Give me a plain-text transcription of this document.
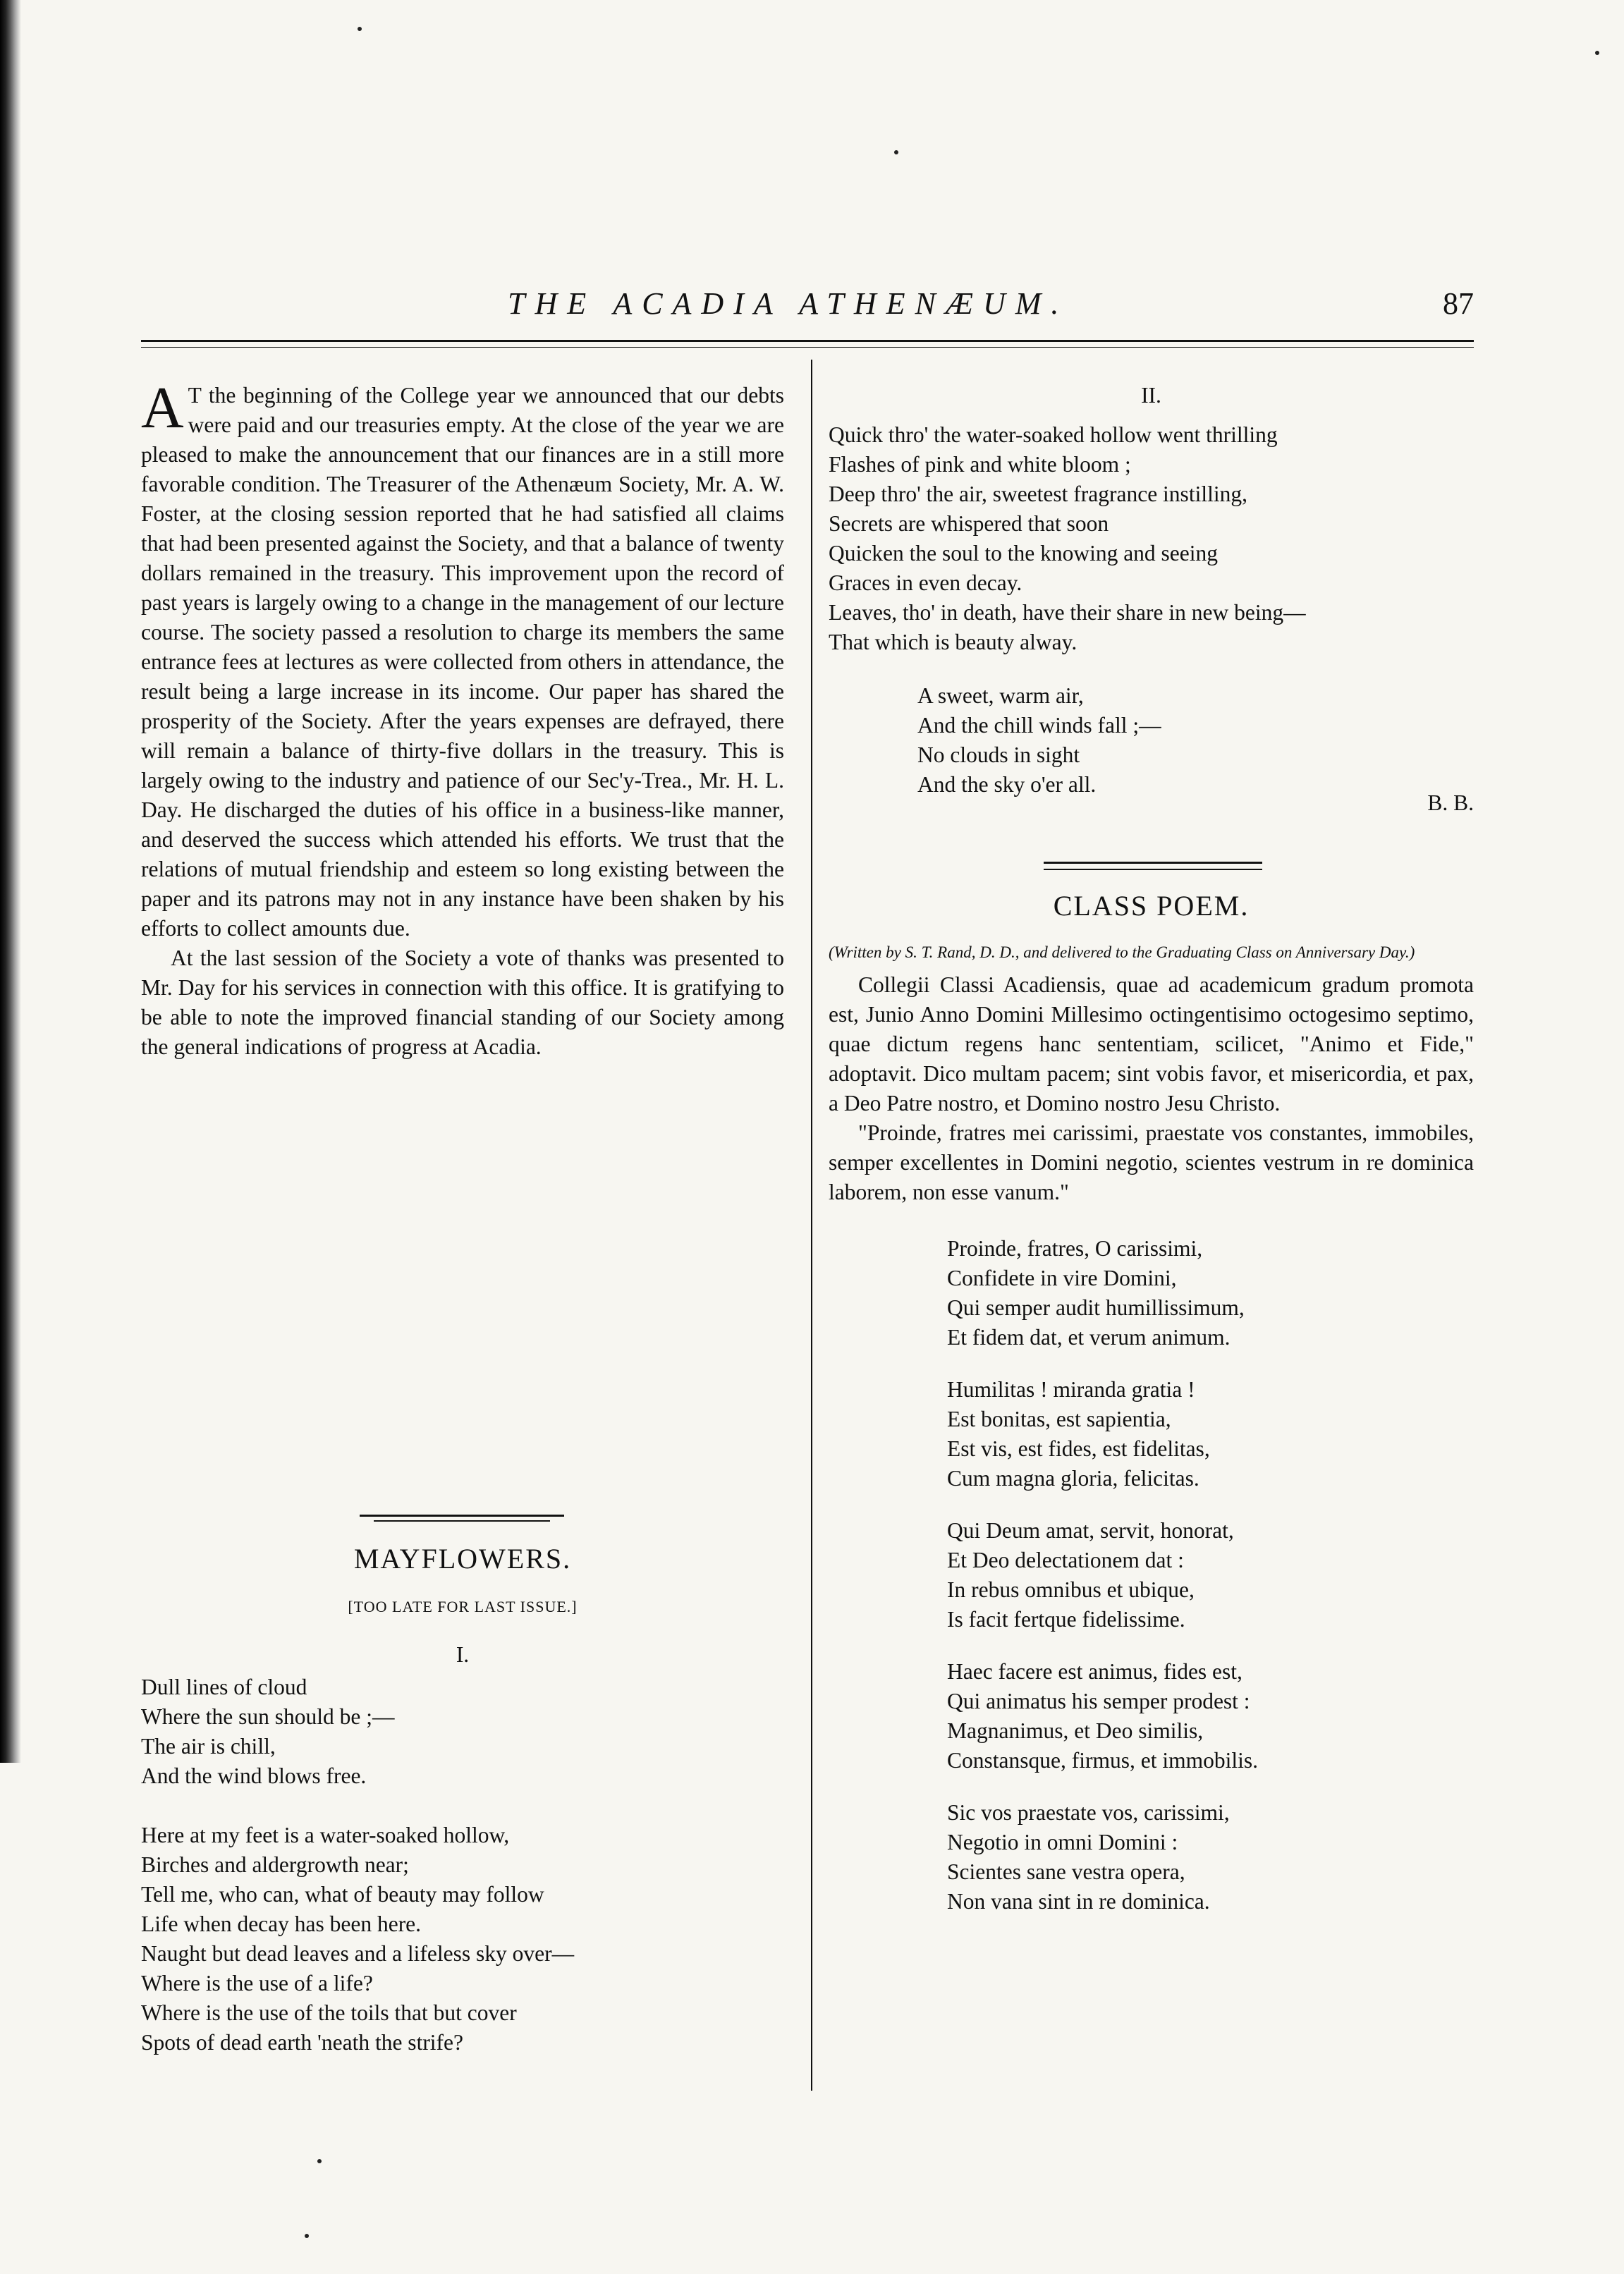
THE ACADIA ATHENÆUM.	87

A T the beginning of the College year we announced that our debts were paid and our treasuries empty. At the close of the year we are pleased to make the announcement that our finances are in a still more favorable condition. The Treasurer of the Athenæum Society, Mr. A. W. Foster, at the closing session reported that he had satisfied all claims that had been presented against the Society, and that a balance of twenty dollars remained in the treasury. This improvement upon the record of past years is largely owing to a change in the management of our lecture course. The society passed a resolution to charge its members the same entrance fees at lectures as were collected from others in attendance, the result being a large increase in its income. Our paper has shared the prosperity of the Society. After the years expenses are defrayed, there will remain a balance of thirty-five dollars in the treasury. This is largely owing to the industry and patience of our Sec'y-Trea., Mr. H. L. Day. He discharged the duties of his office in a business-like manner, and deserved the success which attended his efforts. We trust that the relations of mutual friendship and esteem so long existing between the paper and its patrons may not in any instance have been shaken by his efforts to collect amounts due.

At the last session of the Society a vote of thanks was presented to Mr. Day for his services in connection with this office. It is gratifying to be able to note the improved financial standing of our Society among the general indications of progress at Acadia.

MAYFLOWERS.
[TOO LATE FOR LAST ISSUE.]
I.

Dull lines of cloud

Where the sun should be ;—

The air is chill,

And the wind blows free.

Here at my feet is a water-soaked hollow,

Birches and aldergrowth near;

Tell me, who can, what of beauty may follow

Life when decay has been here.

Naught but dead leaves and a lifeless sky over—

Where is the use of a life?

Where is the use of the toils that but cover

Spots of dead earth 'neath the strife?

II.

Quick thro' the water-soaked hollow went thrilling

Flashes of pink and white bloom ;

Deep thro' the air, sweetest fragrance instilling,

Secrets are whispered that soon

Quicken the soul to the knowing and seeing

Graces in even decay.

Leaves, tho' in death, have their share in new being—

That which is beauty alway.

A sweet, warm air,

And the chill winds fall ;—

No clouds in sight

And the sky o'er all.

B. B.
CLASS POEM.
(Written by S. T. Rand, D. D., and delivered to the Graduating Class on Anniversary Day.)

Collegii Classi Acadiensis, quae ad academicum gradum promota est, Junio Anno Domini Millesimo octingentisimo octogesimo septimo, quae dictum regens hanc sententiam, scilicet, "Animo et Fide," adoptavit. Dico multam pacem; sint vobis favor, et misericordia, et pax, a Deo Patre nostro, et Domino nostro Jesu Christo.

"Proinde, fratres mei carissimi, praestate vos constantes, immobiles, semper excellentes in Domini negotio, scientes vestrum in re dominica laborem, non esse vanum."

Proinde, fratres, O carissimi,

Confidete in vire Domini,

Qui semper audit humillissimum,

Et fidem dat, et verum animum.

Humilitas ! miranda gratia !

Est bonitas, est sapientia,

Est vis, est fides, est fidelitas,

Cum magna gloria, felicitas.

Qui Deum amat, servit, honorat,

Et Deo delectationem dat :

In rebus omnibus et ubique,

Is facit fertque fidelissime.

Haec facere est animus, fides est,

Qui animatus his semper prodest :

Magnanimus, et Deo similis,

Constansque, firmus, et immobilis.

Sic vos praestate vos, carissimi,

Negotio in omni Domini :

Scientes sane vestra opera,

Non vana sint in re dominica.
